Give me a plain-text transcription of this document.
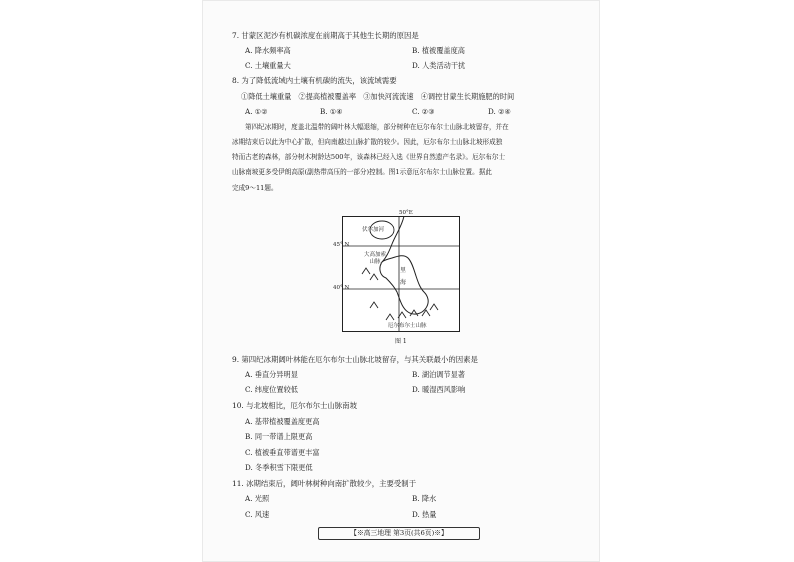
7. 甘蒙区泥沙有机碳浓度在前期高于其他生长期的原因是
A. 降水频率高	B. 植被覆盖度高
C. 土壤重量大	D. 人类活动干扰
8. 为了降低流域内土壤有机碳的流失，该流域需要
①降低土壤重量　②提高植被覆盖率　③加快河流流速　④调控甘蒙生长期施肥的时间
A. ①②	B. ①④	C. ②③	D. ②④
第四纪冰期时，度盖北温带的阔叶林大幅退缩，部分树种在厄尔布尔士山脉北坡留存，并在
冰期结束后以此为中心扩散，但向南越过山脉扩散的较少。因此，厄尔布尔士山脉北坡形成独
特而古老的森林，部分树木树龄达500年，该森林已经入选《世界自然遗产名录》。厄尔布尔士
山脉南坡更多受伊朗高原(副热带高压的一部分)控制。图1示意厄尔布尔士山脉位置。据此
完成9～11题。
50°E
45° N
40° N
伏尔加河
大高加索山脉
里
海
厄尔布尔士山脉
图 1
9. 第四纪冰期阔叶林能在厄尔布尔士山脉北坡留存，与其关联最小的因素是
A. 垂直分异明显	B. 湖泊调节显著
C. 纬度位置较低	D. 暖湿西风影响
10. 与北坡相比，厄尔布尔士山脉南坡
A. 基带植被覆盖度更高
B. 同一带谱上限更高
C. 植被垂直带谱更丰富
D. 冬季积雪下限更低
11. 冰期结束后，阔叶林树种向南扩散较少，主要受制于
A. 光照	B. 降水
C. 风速	D. 热量
【※高三地理 第3页(共6页)※】
